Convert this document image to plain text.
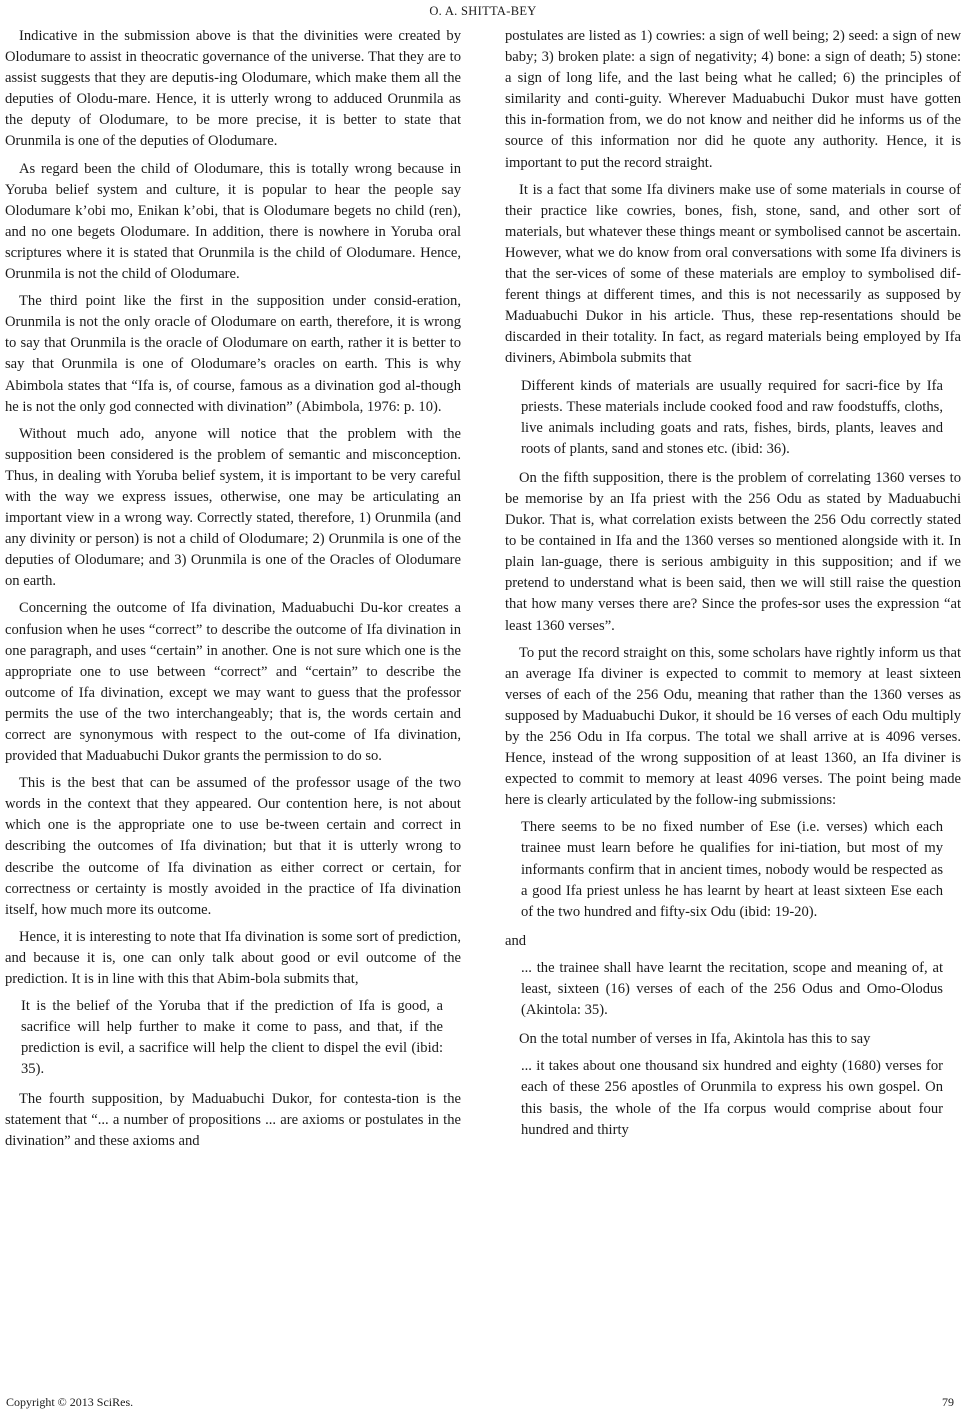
O. A. SHITTA-BEY

Indicative in the submission above is that the divinities were created by Olodumare to assist in theocratic governance of the universe. That they are to assist suggests that they are deputis-ing Olodumare, which make them all the deputies of Olodu-mare. Hence, it is utterly wrong to adduced Orunmila as the deputy of Olodumare, to be more precise, it is better to state that Orunmila is one of the deputies of Olodumare.

As regard been the child of Olodumare, this is totally wrong because in Yoruba belief system and culture, it is popular to hear the people say Olodumare k’obi mo, Enikan k’obi, that is Olodumare begets no child (ren), and no one begets Olodumare. In addition, there is nowhere in Yoruba oral scriptures where it is stated that Orunmila is the child of Olodumare. Hence, Orunmila is not the child of Olodumare.

The third point like the first in the supposition under consid-eration, Orunmila is not the only oracle of Olodumare on earth, therefore, it is wrong to say that Orunmila is the oracle of Olodumare on earth, rather it is better to say that Orunmila is one of Olodumare’s oracles on earth. This is why Abimbola states that “Ifa is, of course, famous as a divination god al-though he is not the only god connected with divination” (Abimbola, 1976: p. 10).

Without much ado, anyone will notice that the problem with the supposition been considered is the problem of semantic and misconception. Thus, in dealing with Yoruba belief system, it is important to be very careful with the way we express issues, otherwise, one may be articulating an important view in a wrong way. Correctly stated, therefore, 1) Orunmila (and any divinity or person) is not a child of Olodumare; 2) Orunmila is one of the deputies of Olodumare; and 3) Orunmila is one of the Oracles of Olodumare on earth.

Concerning the outcome of Ifa divination, Maduabuchi Du-kor creates a confusion when he uses “correct” to describe the outcome of Ifa divination in one paragraph, and uses “certain” in another. One is not sure which one is the appropriate one to use between “correct” and “certain” to describe the outcome of Ifa divination, except we may want to guess that the professor permits the use of the two interchangeably; that is, the words certain and correct are synonymous with respect to the out-come of Ifa divination, provided that Maduabuchi Dukor grants the permission to do so.

This is the best that can be assumed of the professor usage of the two words in the context that they appeared. Our contention here, is not about which one is the appropriate one to use be-tween certain and correct in describing the outcomes of Ifa divination; but that it is utterly wrong to describe the outcome of Ifa divination as either correct or certain, for correctness or certainty is mostly avoided in the practice of Ifa divination itself, how much more its outcome.

Hence, it is interesting to note that Ifa divination is some sort of prediction, and because it is, one can only talk about good or evil outcome of the prediction. It is in line with this that Abim-bola submits that,

It is the belief of the Yoruba that if the prediction of Ifa is good, a sacrifice will help further to make it come to pass, and that, if the prediction is evil, a sacrifice will help the client to dispel the evil (ibid: 35).

The fourth supposition, by Maduabuchi Dukor, for contesta-tion is the statement that “... a number of propositions ... are axioms or postulates in the divination” and these axioms and

postulates are listed as 1) cowries: a sign of well being; 2) seed: a sign of new baby; 3) broken plate: a sign of negativity; 4) bone: a sign of death; 5) stone: a sign of long life, and the last being what he called; 6) the principles of similarity and conti-guity. Wherever Maduabuchi Dukor must have gotten this in-formation from, we do not know and neither did he informs us of the source of this information nor did he quote any authority. Hence, it is important to put the record straight.

It is a fact that some Ifa diviners make use of some materials in course of their practice like cowries, bones, fish, stone, sand, and other sort of materials, but whatever these things meant or symbolised cannot be ascertain. However, what we do know from oral conversations with some Ifa diviners is that the ser-vices of some of these materials are employ to symbolised dif-ferent things at different times, and this is not necessarily as supposed by Maduabuchi Dukor in his article. Thus, these rep-resentations should be discarded in their totality. In fact, as regard materials being employed by Ifa diviners, Abimbola submits that

Different kinds of materials are usually required for sacri-fice by Ifa priests. These materials include cooked food and raw foodstuffs, cloths, live animals including goats and rats, fishes, birds, plants, leaves and roots of plants, sand and stones etc. (ibid: 36).

On the fifth supposition, there is the problem of correlating 1360 verses to be memorise by an Ifa priest with the 256 Odu as stated by Maduabuchi Dukor. That is, what correlation exists between the 256 Odu correctly stated to be contained in Ifa and the 1360 verses so mentioned alongside with it. In plain lan-guage, there is serious ambiguity in this supposition; and if we pretend to understand what is been said, then we will still raise the question that how many verses there are? Since the profes-sor uses the expression “at least 1360 verses”.

To put the record straight on this, some scholars have rightly inform us that an average Ifa diviner is expected to commit to memory at least sixteen verses of each of the 256 Odu, meaning that rather than the 1360 verses as supposed by Maduabuchi Dukor, it should be 16 verses of each Odu multiply by the 256 Odu in Ifa corpus. The total we shall arrive at is 4096 verses. Hence, instead of the wrong supposition of at least 1360, an Ifa diviner is expected to commit to memory at least 4096 verses. The point being made here is clearly articulated by the follow-ing submissions:

There seems to be no fixed number of Ese (i.e. verses) which each trainee must learn before he qualifies for ini-tiation, but most of my informants confirm that in ancient times, nobody would be respected as a good Ifa priest unless he has learnt by heart at least sixteen Ese each of the two hundred and fifty-six Odu (ibid: 19-20).

and

... the trainee shall have learnt the recitation, scope and meaning of, at least, sixteen (16) verses of each of the 256 Odus and Omo-Olodus (Akintola: 35).

On the total number of verses in Ifa, Akintola has this to say

... it takes about one thousand six hundred and eighty (1680) verses for each of these 256 apostles of Orunmila to express his own gospel. On this basis, the whole of the Ifa corpus would comprise about four hundred and thirty
Copyright © 2013 SciRes.	79
